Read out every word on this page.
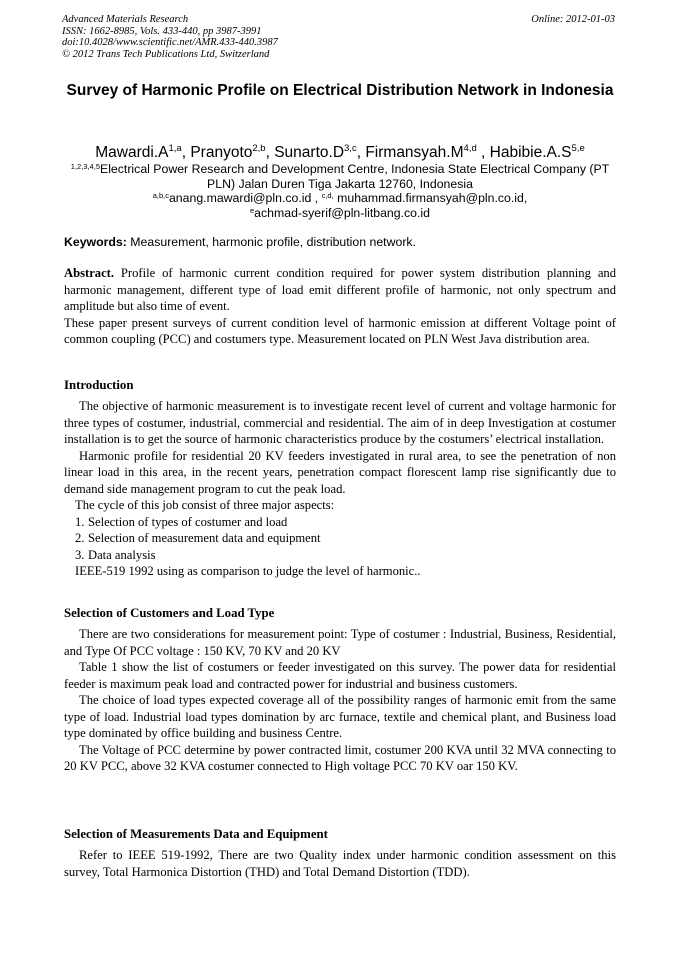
Advanced Materials Research
ISSN: 1662-8985, Vols. 433-440, pp 3987-3991
doi:10.4028/www.scientific.net/AMR.433-440.3987
© 2012 Trans Tech Publications Ltd, Switzerland
Online: 2012-01-03
Survey of Harmonic Profile on Electrical Distribution Network in Indonesia
$Mawardi.A^{1,a}$, Pranyoto$^{2,b}$, $Sunarto.D^{3,c}$, $Firmansyah.M^{4,d}$ , $Habibie.A.S^{5,e}$
$^{1,2,3,4,5}$Electrical Power Research and Development Centre, Indonesia State Electrical Company (PT
PLN) Jalan Duren Tiga Jakarta 12760, Indonesia
$^{a,b,c}$anang.mawardi@pln.co.id , $^{c,d,}$ muhammad.firmansyah@pln.co.id,
$^e$achmad-syerif@pln-litbang.co.id
Keywords: Measurement, harmonic profile, distribution network.

Abstract. Profile of harmonic current condition required for power system distribution planning and harmonic management, different type of load emit different profile of harmonic, not only spectrum and amplitude but also time of event.

These paper present surveys of current condition level of harmonic emission at different Voltage point of common coupling (PCC) and costumers type. Measurement located on PLN West Java distribution area.

Introduction

The objective of harmonic measurement is to investigate recent level of current and voltage harmonic for three types of costumer, industrial, commercial and residential. The aim of in deep Investigation at costumer installation is to get the source of harmonic characteristics produce by the costumers’ electrical installation.

Harmonic profile for residential 20 KV feeders investigated in rural area, to see the penetration of non linear load in this area, in the recent years, penetration compact florescent lamp rise significantly due to demand side management program to cut the peak load.

The cycle of this job consist of three major aspects:

1. Selection of types of costumer and load
2. Selection of measurement data and equipment
3. Data analysis

IEEE-519 1992 using as comparison to judge the level of harmonic..

Selection of Customers and Load Type

There are two considerations for measurement point: Type of costumer : Industrial, Business, Residential, and Type Of PCC voltage : 150 KV, 70 KV and 20 KV

Table 1 show the list of costumers or feeder investigated on this survey. The power data for residential feeder is maximum peak load and contracted power for industrial and business customers.

The choice of load types expected coverage all of the possibility ranges of harmonic emit from the same type of load. Industrial load types domination by arc furnace, textile and chemical plant, and Business load type dominated by office building and business Centre.

The Voltage of PCC determine by power contracted limit, costumer 200 KVA until 32 MVA connecting to 20 KV PCC, above 32 KVA costumer connected to High voltage PCC 70 KV oar 150 KV.

Selection of Measurements Data and Equipment

Refer to IEEE 519-1992, There are two Quality index under harmonic condition assessment on this survey, Total Harmonica Distortion (THD) and Total Demand Distortion (TDD).
